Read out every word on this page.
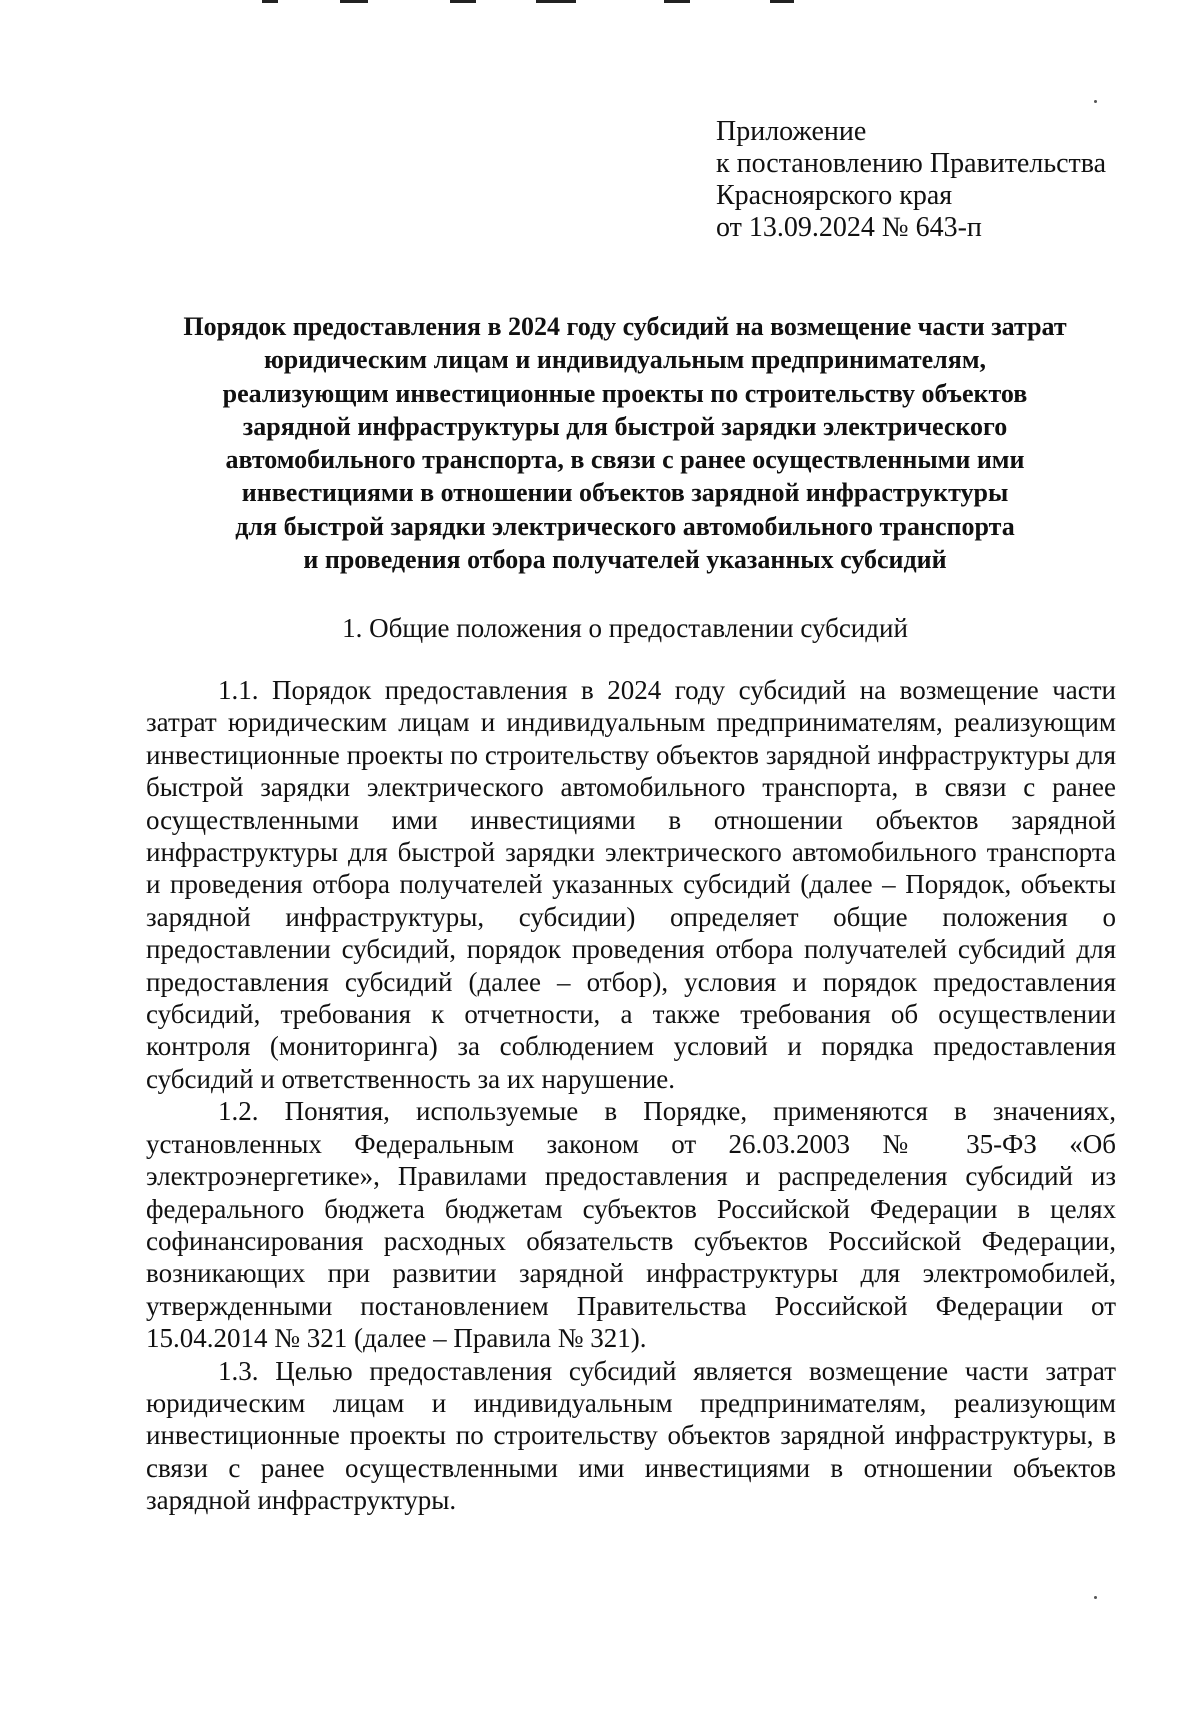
Приложение
к постановлению Правительства
Красноярского края
от 13.09.2024 № 643-п
Порядок предоставления в 2024 году субсидий на возмещение части затрат
юридическим лицам и индивидуальным предпринимателям,
реализующим инвестиционные проекты по строительству объектов
зарядной инфраструктуры для быстрой зарядки электрического
автомобильного транспорта, в связи с ранее осуществленными ими
инвестициями в отношении объектов зарядной инфраструктуры
для быстрой зарядки электрического автомобильного транспорта
и проведения отбора получателей указанных субсидий
1. Общие положения о предоставлении субсидий

1.1. Порядок предоставления в 2024 году субсидий на возмещение части затрат юридическим лицам и индивидуальным предпринимателям, реализующим инвестиционные проекты по строительству объектов зарядной инфраструктуры для быстрой зарядки электрического автомобильного транспорта, в связи с ранее осуществленными ими инвестициями в отношении объектов зарядной инфраструктуры для быстрой зарядки электрического автомобильного транспорта и проведения отбора получателей указанных субсидий (далее – Порядок, объекты зарядной инфраструктуры, субсидии) определяет общие положения о предоставлении субсидий, порядок проведения отбора получателей субсидий для предоставления субсидий (далее – отбор), условия и порядок предоставления субсидий, требования к отчетности, а также требования об осуществлении контроля (мониторинга) за соблюдением условий и порядка предоставления субсидий и ответственность за их нарушение.

1.2. Понятия, используемые в Порядке, применяются в значениях, установленных Федеральным законом от 26.03.2003 № 35-ФЗ «Об электроэнергетике», Правилами предоставления и распределения субсидий из федерального бюджета бюджетам субъектов Российской Федерации в целях софинансирования расходных обязательств субъектов Российской Федерации, возникающих при развитии зарядной инфраструктуры для электромобилей, утвержденными постановлением Правительства Российской Федерации от 15.04.2014 № 321 (далее – Правила № 321).

1.3. Целью предоставления субсидий является возмещение части затрат юридическим лицам и индивидуальным предпринимателям, реализующим инвестиционные проекты по строительству объектов зарядной инфраструктуры, в связи с ранее осуществленными ими инвестициями в отношении объектов зарядной инфраструктуры.
